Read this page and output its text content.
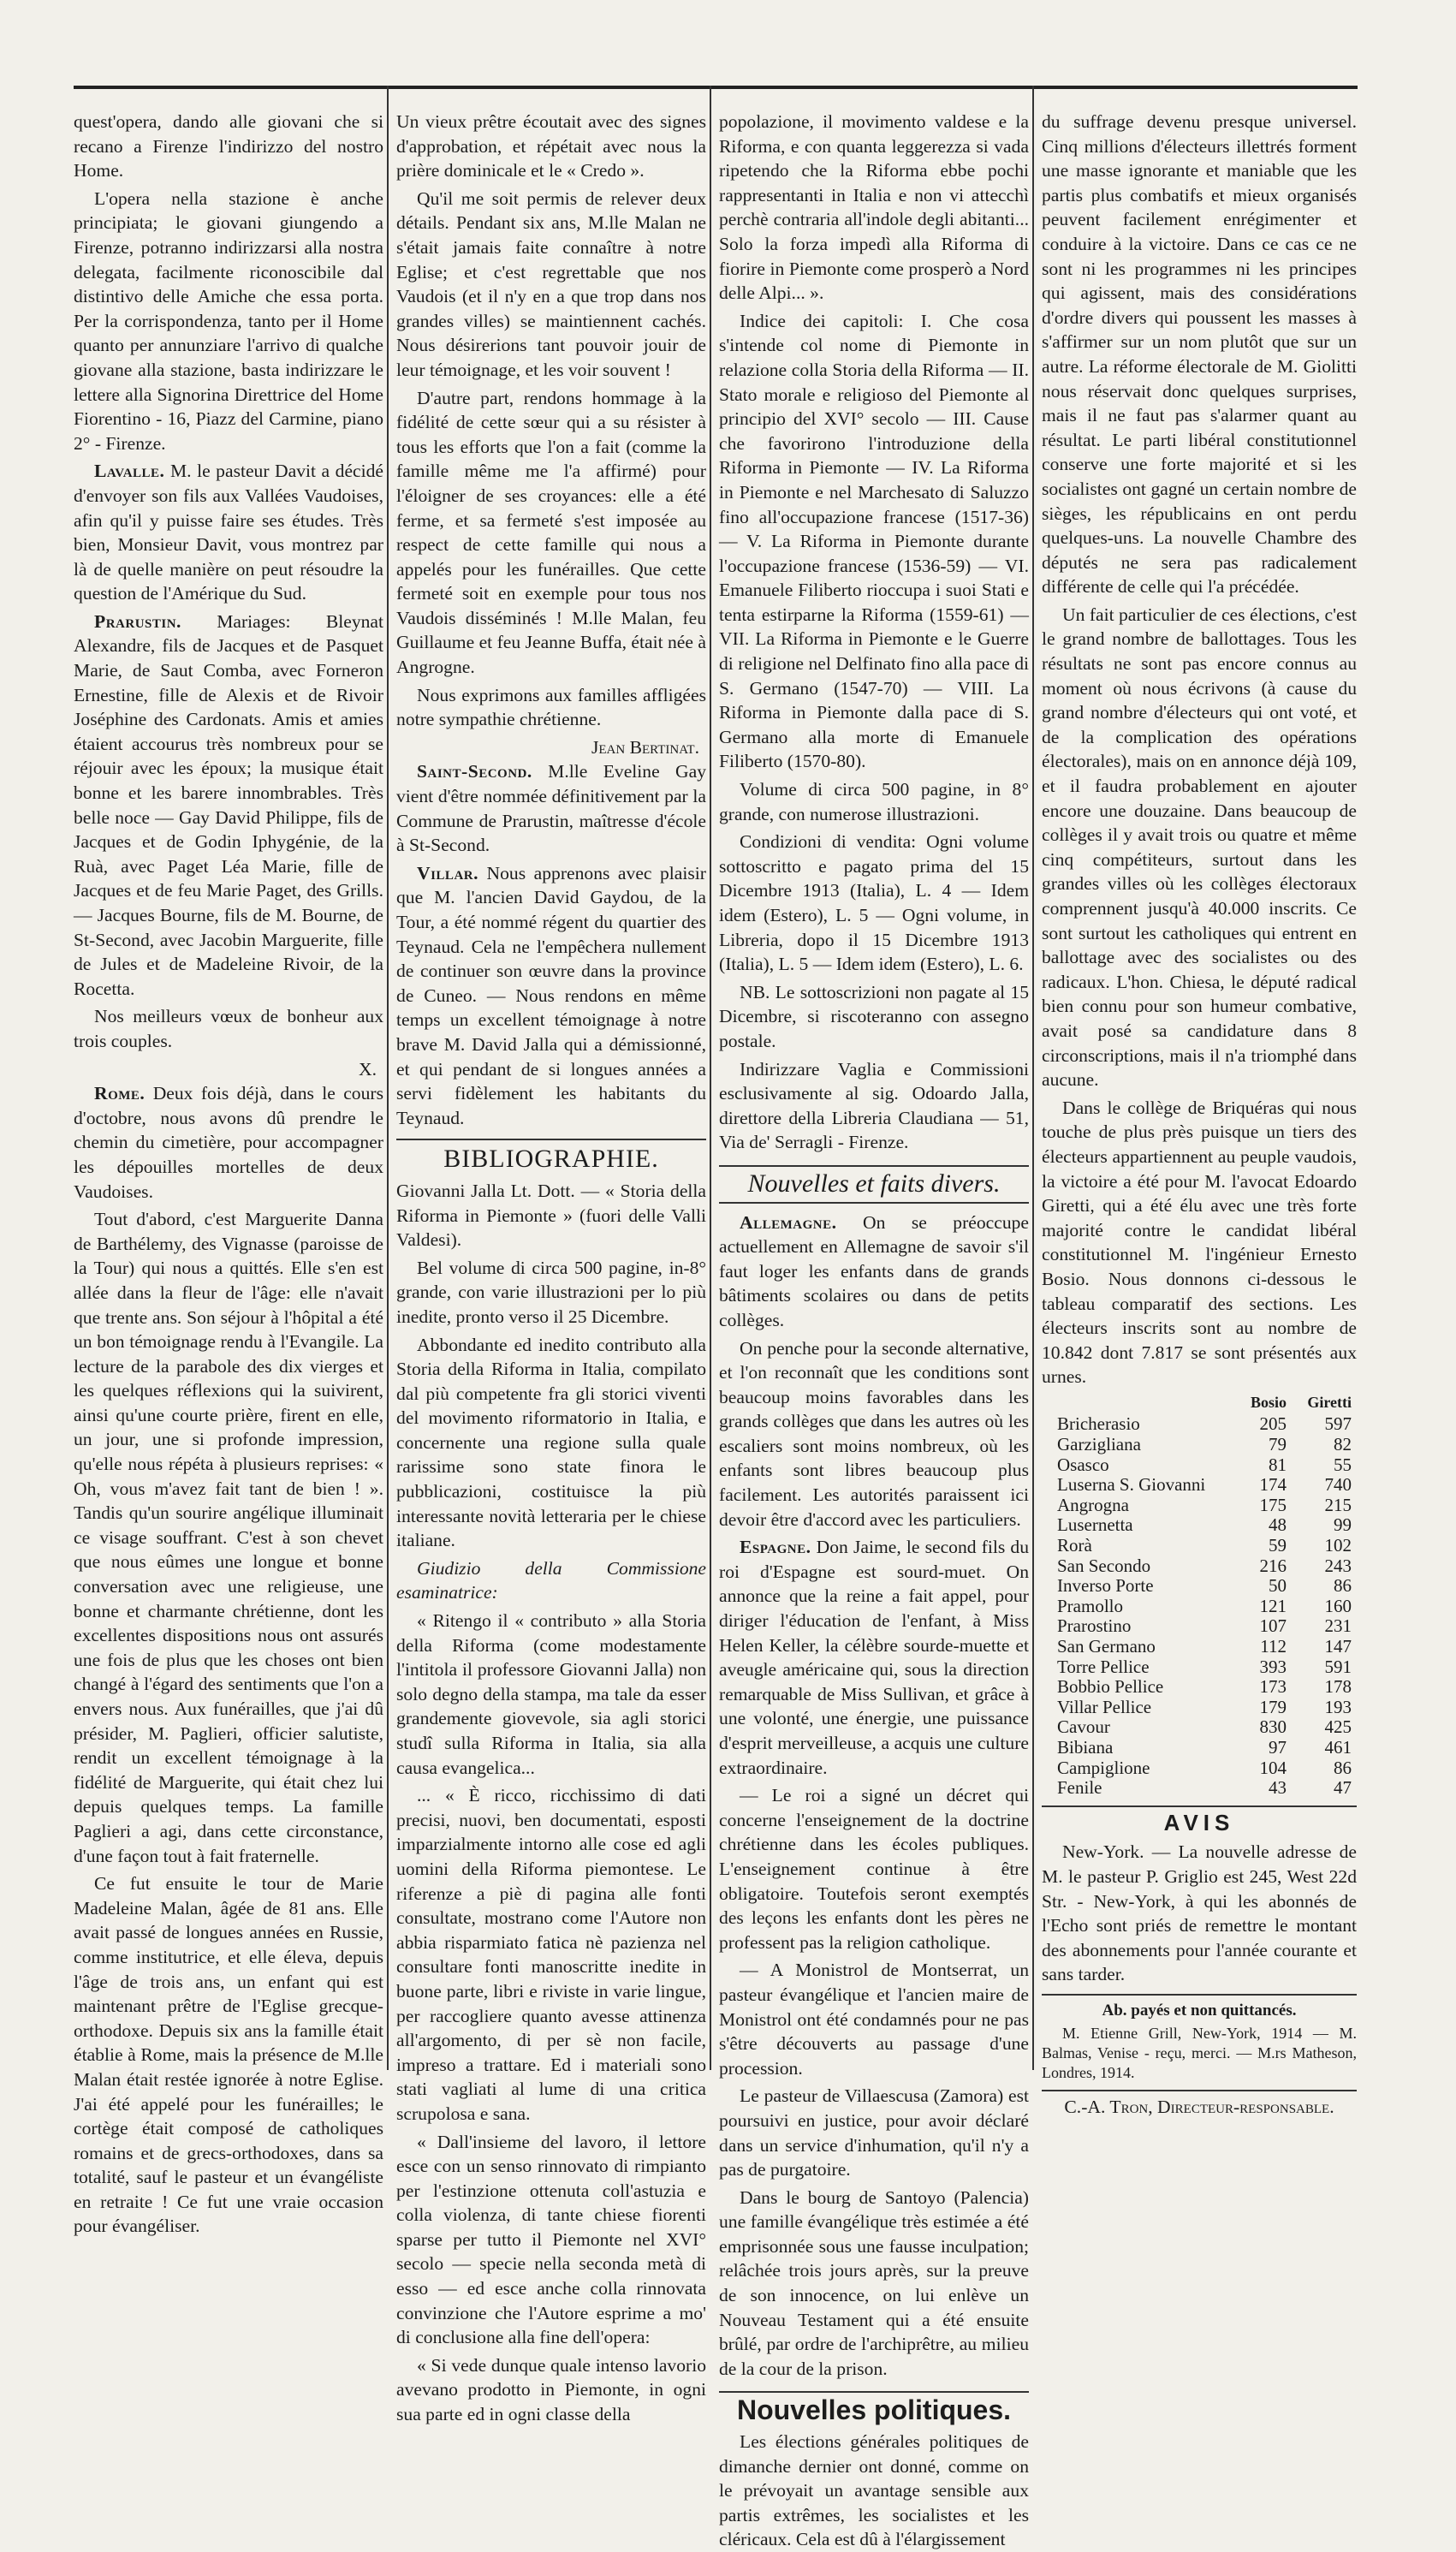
quest'opera, dando alle giovani che si recano a Firenze l'indirizzo del nostro Home.

L'opera nella stazione è anche principiata; le giovani giungendo a Firenze, potranno indirizzarsi alla nostra delegata, facilmente riconoscibile dal distintivo delle Amiche che essa porta. Per la corrispondenza, tanto per il Home quanto per annunziare l'arrivo di qualche giovane alla stazione, basta indirizzare le lettere alla Signorina Direttrice del Home Fiorentino - 16, Piazz del Carmine, piano 2° - Firenze.

Lavalle. M. le pasteur Davit a décidé d'envoyer son fils aux Vallées Vaudoises, afin qu'il y puisse faire ses études. Très bien, Monsieur Davit, vous montrez par là de quelle manière on peut résoudre la question de l'Amérique du Sud.

Prarustin. Mariages: Bleynat Alexandre, fils de Jacques et de Pasquet Marie, de Saut Comba, avec Forneron Ernestine, fille de Alexis et de Rivoir Joséphine des Cardonats. Amis et amies étaient accourus très nombreux pour se réjouir avec les époux; la musique était bonne et les barere innombrables. Très belle noce — Gay David Philippe, fils de Jacques et de Godin Iphygénie, de la Ruà, avec Paget Léa Marie, fille de Jacques et de feu Marie Paget, des Grills. — Jacques Bourne, fils de M. Bourne, de St-Second, avec Jacobin Marguerite, fille de Jules et de Madeleine Rivoir, de la Rocetta.

Nos meilleurs vœux de bonheur aux trois couples.

X.

Rome. Deux fois déjà, dans le cours d'octobre, nous avons dû prendre le chemin du cimetière, pour accompagner les dépouilles mortelles de deux Vaudoises.

Tout d'abord, c'est Marguerite Danna de Barthélemy, des Vignasse (paroisse de la Tour) qui nous a quittés. Elle s'en est allée dans la fleur de l'âge: elle n'avait que trente ans. Son séjour à l'hôpital a été un bon témoignage rendu à l'Evangile. La lecture de la parabole des dix vierges et les quelques réflexions qui la suivirent, ainsi qu'une courte prière, firent en elle, un jour, une si profonde impression, qu'elle nous répéta à plusieurs reprises: « Oh, vous m'avez fait tant de bien ! ». Tandis qu'un sourire angélique illuminait ce visage souffrant. C'est à son chevet que nous eûmes une longue et bonne conversation avec une religieuse, une bonne et charmante chrétienne, dont les excellentes dispositions nous ont assurés une fois de plus que les choses ont bien changé à l'égard des sentiments que l'on a envers nous. Aux funérailles, que j'ai dû présider, M. Paglieri, officier salutiste, rendit un excellent témoignage à la fidélité de Marguerite, qui était chez lui depuis quelques temps. La famille Paglieri a agi, dans cette circonstance, d'une façon tout à fait fraternelle.

Ce fut ensuite le tour de Marie Madeleine Malan, âgée de 81 ans. Elle avait passé de longues années en Russie, comme institutrice, et elle éleva, depuis l'âge de trois ans, un enfant qui est maintenant prêtre de l'Eglise grecque-orthodoxe. Depuis six ans la famille était établie à Rome, mais la présence de M.lle Malan était restée ignorée à notre Eglise. J'ai été appelé pour les funérailles; le cortège était composé de catholiques romains et de grecs-orthodoxes, dans sa totalité, sauf le pasteur et un évangéliste en retraite ! Ce fut une vraie occasion pour évangéliser.

Un vieux prêtre écoutait avec des signes d'approbation, et répétait avec nous la prière dominicale et le « Credo ».

Qu'il me soit permis de relever deux détails. Pendant six ans, M.lle Malan ne s'était jamais faite connaître à notre Eglise; et c'est regrettable que nos Vaudois (et il n'y en a que trop dans nos grandes villes) se maintiennent cachés. Nous désirerions tant pouvoir jouir de leur témoignage, et les voir souvent !

D'autre part, rendons hommage à la fidélité de cette sœur qui a su résister à tous les efforts que l'on a fait (comme la famille même me l'a affirmé) pour l'éloigner de ses croyances: elle a été ferme, et sa fermeté s'est imposée au respect de cette famille qui nous a appelés pour les funérailles. Que cette fermeté soit en exemple pour tous nos Vaudois disséminés ! M.lle Malan, feu Guillaume et feu Jeanne Buffa, était née à Angrogne.

Nous exprimons aux familles affligées notre sympathie chrétienne.

Jean Bertinat.

Saint-Second. M.lle Eveline Gay vient d'être nommée définitivement par la Commune de Prarustin, maîtresse d'école à St-Second.

Villar. Nous apprenons avec plaisir que M. l'ancien David Gaydou, de la Tour, a été nommé régent du quartier des Teynaud. Cela ne l'empêchera nullement de continuer son œuvre dans la province de Cuneo. — Nous rendons en même temps un excellent témoignage à notre brave M. David Jalla qui a démissionné, et qui pendant de si longues années a servi fidèlement les habitants du Teynaud.

BIBLIOGRAPHIE.

Giovanni Jalla Lt. Dott. — « Storia della Riforma in Piemonte » (fuori delle Valli Valdesi).

Bel volume di circa 500 pagine, in-8° grande, con varie illustrazioni per lo più inedite, pronto verso il 25 Dicembre.

Abbondante ed inedito contributo alla Storia della Riforma in Italia, compilato dal più competente fra gli storici viventi del movimento riformatorio in Italia, e concernente una regione sulla quale rarissime sono state finora le pubblicazioni, costituisce la più interessante novità letteraria per le chiese italiane.

Giudizio della Commissione esaminatrice:

« Ritengo il « contributo » alla Storia della Riforma (come modestamente l'intitola il professore Giovanni Jalla) non solo degno della stampa, ma tale da esser grandemente giovevole, sia agli storici studî sulla Riforma in Italia, sia alla causa evangelica...

... « È ricco, ricchissimo di dati precisi, nuovi, ben documentati, esposti imparzialmente intorno alle cose ed agli uomini della Riforma piemontese. Le riferenze a piè di pagina alle fonti consultate, mostrano come l'Autore non abbia risparmiato fatica nè pazienza nel consultare fonti manoscritte inedite in buone parte, libri e riviste in varie lingue, per raccogliere quanto avesse attinenza all'argomento, di per sè non facile, impreso a trattare. Ed i materiali sono stati vagliati al lume di una critica scrupolosa e sana.

« Dall'insieme del lavoro, il lettore esce con un senso rinnovato di rimpianto per l'estinzione ottenuta coll'astuzia e colla violenza, di tante chiese fiorenti sparse per tutto il Piemonte nel XVI° secolo — specie nella seconda metà di esso — ed esce anche colla rinnovata convinzione che l'Autore esprime a mo' di conclusione alla fine dell'opera:

« Si vede dunque quale intenso lavorio avevano prodotto in Piemonte, in ogni sua parte ed in ogni classe della

popolazione, il movimento valdese e la Riforma, e con quanta leggerezza si vada ripetendo che la Riforma ebbe pochi rappresentanti in Italia e non vi attecchì perchè contraria all'indole degli abitanti... Solo la forza impedì alla Riforma di fiorire in Piemonte come prosperò a Nord delle Alpi... ».

Indice dei capitoli: I. Che cosa s'intende col nome di Piemonte in relazione colla Storia della Riforma — II. Stato morale e religioso del Piemonte al principio del XVI° secolo — III. Cause che favorirono l'introduzione della Riforma in Piemonte — IV. La Riforma in Piemonte e nel Marchesato di Saluzzo fino all'occupazione francese (1517-36) — V. La Riforma in Piemonte durante l'occupazione francese (1536-59) — VI. Emanuele Filiberto rioccupa i suoi Stati e tenta estirparne la Riforma (1559-61) — VII. La Riforma in Piemonte e le Guerre di religione nel Delfinato fino alla pace di S. Germano (1547-70) — VIII. La Riforma in Piemonte dalla pace di S. Germano alla morte di Emanuele Filiberto (1570-80).

Volume di circa 500 pagine, in 8° grande, con numerose illustrazioni.

Condizioni di vendita: Ogni volume sottoscritto e pagato prima del 15 Dicembre 1913 (Italia), L. 4 — Idem idem (Estero), L. 5 — Ogni volume, in Libreria, dopo il 15 Dicembre 1913 (Italia), L. 5 — Idem idem (Estero), L. 6.

NB. Le sottoscrizioni non pagate al 15 Dicembre, si riscoteranno con assegno postale.

Indirizzare Vaglia e Commissioni esclusivamente al sig. Odoardo Jalla, direttore della Libreria Claudiana — 51, Via de' Serragli - Firenze.

Nouvelles et faits divers.

Allemagne. On se préoccupe actuellement en Allemagne de savoir s'il faut loger les enfants dans de grands bâtiments scolaires ou dans de petits collèges.

On penche pour la seconde alternative, et l'on reconnaît que les conditions sont beaucoup moins favorables dans les grands collèges que dans les autres où les escaliers sont moins nombreux, où les enfants sont libres beaucoup plus facilement. Les autorités paraissent ici devoir être d'accord avec les particuliers.

Espagne. Don Jaime, le second fils du roi d'Espagne est sourd-muet. On annonce que la reine a fait appel, pour diriger l'éducation de l'enfant, à Miss Helen Keller, la célèbre sourde-muette et aveugle américaine qui, sous la direction remarquable de Miss Sullivan, et grâce à une volonté, une énergie, une puissance d'esprit merveilleuse, a acquis une culture extraordinaire.

— Le roi a signé un décret qui concerne l'enseignement de la doctrine chrétienne dans les écoles publiques. L'enseignement continue à être obligatoire. Toutefois seront exemptés des leçons les enfants dont les pères ne professent pas la religion catholique.

— A Monistrol de Montserrat, un pasteur évangélique et l'ancien maire de Monistrol ont été condamnés pour ne pas s'être découverts au passage d'une procession.

Le pasteur de Villaescusa (Zamora) est poursuivi en justice, pour avoir déclaré dans un service d'inhumation, qu'il n'y a pas de purgatoire.

Dans le bourg de Santoyo (Palencia) une famille évangélique très estimée a été emprisonnée sous une fausse inculpation; relâchée trois jours après, sur la preuve de son innocence, on lui enlève un Nouveau Testament qui a été ensuite brûlé, par ordre de l'archiprêtre, au milieu de la cour de la prison.

Nouvelles politiques.

Les élections générales politiques de dimanche dernier ont donné, comme on le prévoyait un avantage sensible aux partis extrêmes, les socialistes et les cléricaux. Cela est dû à l'élargissement

du suffrage devenu presque universel. Cinq millions d'électeurs illettrés forment une masse ignorante et maniable que les partis plus combatifs et mieux organisés peuvent facilement enrégimenter et conduire à la victoire. Dans ce cas ce ne sont ni les programmes ni les principes qui agissent, mais des considérations d'ordre divers qui poussent les masses à s'affirmer sur un nom plutôt que sur un autre. La réforme électorale de M. Giolitti nous réservait donc quelques surprises, mais il ne faut pas s'alarmer quant au résultat. Le parti libéral constitutionnel conserve une forte majorité et si les socialistes ont gagné un certain nombre de sièges, les républicains en ont perdu quelques-uns. La nouvelle Chambre des députés ne sera pas radicalement différente de celle qui l'a précédée.

Un fait particulier de ces élections, c'est le grand nombre de ballottages. Tous les résultats ne sont pas encore connus au moment où nous écrivons (à cause du grand nombre d'électeurs qui ont voté, et de la complication des opérations électorales), mais on en annonce déjà 109, et il faudra probablement en ajouter encore une douzaine. Dans beaucoup de collèges il y avait trois ou quatre et même cinq compétiteurs, surtout dans les grandes villes où les collèges électoraux comprennent jusqu'à 40.000 inscrits. Ce sont surtout les catholiques qui entrent en ballottage avec des socialistes ou des radicaux. L'hon. Chiesa, le député radical bien connu pour son humeur combative, avait posé sa candidature dans 8 circonscriptions, mais il n'a triomphé dans aucune.

Dans le collège de Briquéras qui nous touche de plus près puisque un tiers des électeurs appartiennent au peuple vaudois, la victoire a été pour M. l'avocat Edoardo Giretti, qui a été élu avec une très forte majorité contre le candidat libéral constitutionnel M. l'ingénieur Ernesto Bosio. Nous donnons ci-dessous le tableau comparatif des sections. Les électeurs inscrits sont au nombre de 10.842 dont 7.817 se sont présentés aux urnes.

	Bosio	Giretti
Bricherasio	205	597
Garzigliana	79	82
Osasco	81	55
Luserna S. Giovanni	174	740
Angrogna	175	215
Lusernetta	48	99
Rorà	59	102
San Secondo	216	243
Inverso Porte	50	86
Pramollo	121	160
Prarostino	107	231
San Germano	112	147
Torre Pellice	393	591
Bobbio Pellice	173	178
Villar Pellice	179	193
Cavour	830	425
Bibiana	97	461
Campiglione	104	86
Fenile	43	47
AVIS

New-York. — La nouvelle adresse de M. le pasteur P. Griglio est 245, West 22d Str. - New-York, à qui les abonnés de l'Echo sont priés de remettre le montant des abonnements pour l'année courante et sans tarder.

Ab. payés et non quittancés.

M. Etienne Grill, New-York, 1914 — M. Balmas, Venise - reçu, merci. — M.rs Matheson, Londres, 1914.

C.-A. Tron, Directeur-responsable.
